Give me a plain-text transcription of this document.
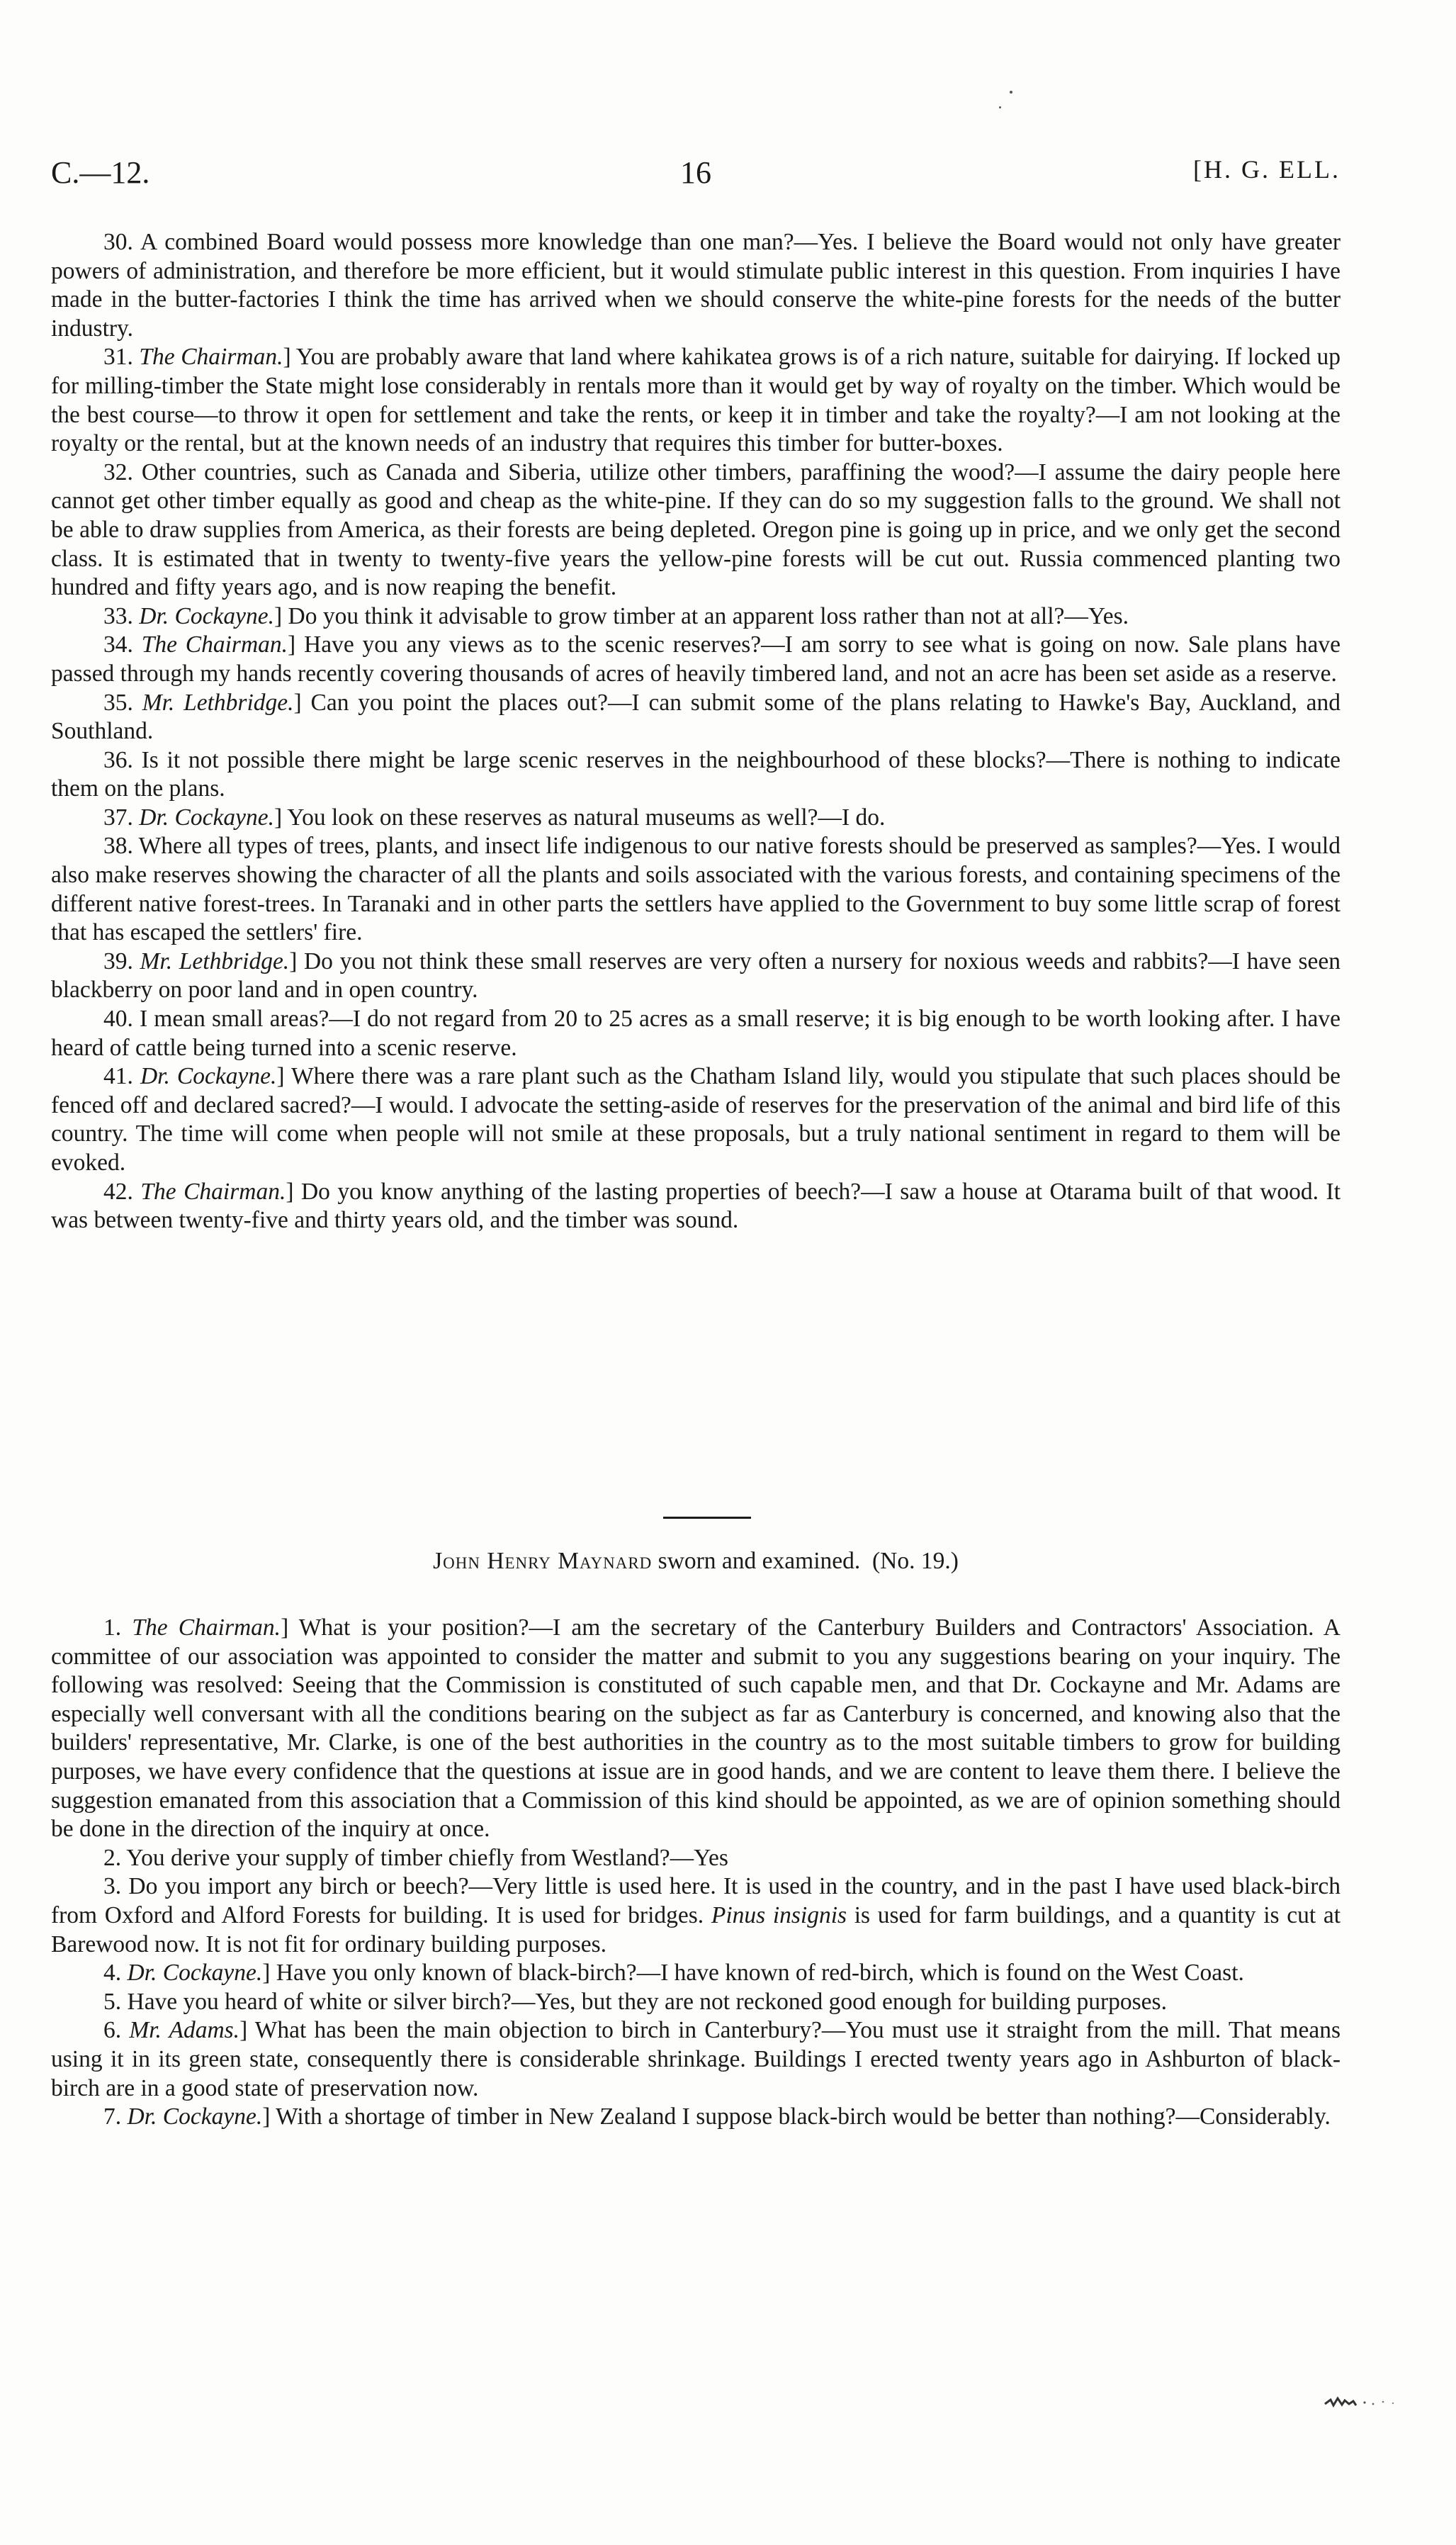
C.—12.	16	[H. G. ELL.

30. A combined Board would possess more knowledge than one man?—Yes. I believe the Board would not only have greater powers of administration, and therefore be more efficient, but it would stimulate public interest in this question. From inquiries I have made in the butter-factories I think the time has arrived when we should conserve the white-pine forests for the needs of the butter industry.

31. The Chairman.] You are probably aware that land where kahikatea grows is of a rich nature, suitable for dairying. If locked up for milling-timber the State might lose considerably in rentals more than it would get by way of royalty on the timber. Which would be the best course—to throw it open for settlement and take the rents, or keep it in timber and take the royalty?—I am not looking at the royalty or the rental, but at the known needs of an industry that requires this timber for butter-boxes.

32. Other countries, such as Canada and Siberia, utilize other timbers, paraffining the wood?—I assume the dairy people here cannot get other timber equally as good and cheap as the white-pine. If they can do so my suggestion falls to the ground. We shall not be able to draw supplies from America, as their forests are being depleted. Oregon pine is going up in price, and we only get the second class. It is estimated that in twenty to twenty-five years the yellow-pine forests will be cut out. Russia commenced planting two hundred and fifty years ago, and is now reaping the benefit.

33. Dr. Cockayne.] Do you think it advisable to grow timber at an apparent loss rather than not at all?—Yes.

34. The Chairman.] Have you any views as to the scenic reserves?—I am sorry to see what is going on now. Sale plans have passed through my hands recently covering thousands of acres of heavily timbered land, and not an acre has been set aside as a reserve.

35. Mr. Lethbridge.] Can you point the places out?—I can submit some of the plans relating to Hawke's Bay, Auckland, and Southland.

36. Is it not possible there might be large scenic reserves in the neighbourhood of these blocks?—There is nothing to indicate them on the plans.

37. Dr. Cockayne.] You look on these reserves as natural museums as well?—I do.

38. Where all types of trees, plants, and insect life indigenous to our native forests should be preserved as samples?—Yes. I would also make reserves showing the character of all the plants and soils associated with the various forests, and containing specimens of the different native forest-trees. In Taranaki and in other parts the settlers have applied to the Government to buy some little scrap of forest that has escaped the settlers' fire.

39. Mr. Lethbridge.] Do you not think these small reserves are very often a nursery for noxious weeds and rabbits?—I have seen blackberry on poor land and in open country.

40. I mean small areas?—I do not regard from 20 to 25 acres as a small reserve; it is big enough to be worth looking after. I have heard of cattle being turned into a scenic reserve.

41. Dr. Cockayne.] Where there was a rare plant such as the Chatham Island lily, would you stipulate that such places should be fenced off and declared sacred?—I would. I advocate the setting-aside of reserves for the preservation of the animal and bird life of this country. The time will come when people will not smile at these proposals, but a truly national sentiment in regard to them will be evoked.

42. The Chairman.] Do you know anything of the lasting properties of beech?—I saw a house at Otarama built of that wood. It was between twenty-five and thirty years old, and the timber was sound.

John Henry Maynard sworn and examined. (No. 19.)

1. The Chairman.] What is your position?—I am the secretary of the Canterbury Builders and Contractors' Association. A committee of our association was appointed to consider the matter and submit to you any suggestions bearing on your inquiry. The following was resolved: Seeing that the Commission is constituted of such capable men, and that Dr. Cockayne and Mr. Adams are especially well conversant with all the conditions bearing on the subject as far as Canterbury is concerned, and knowing also that the builders' representative, Mr. Clarke, is one of the best authorities in the country as to the most suitable timbers to grow for building purposes, we have every confidence that the questions at issue are in good hands, and we are content to leave them there. I believe the suggestion emanated from this association that a Commission of this kind should be appointed, as we are of opinion something should be done in the direction of the inquiry at once.

2. You derive your supply of timber chiefly from Westland?—Yes

3. Do you import any birch or beech?—Very little is used here. It is used in the country, and in the past I have used black-birch from Oxford and Alford Forests for building. It is used for bridges. Pinus insignis is used for farm buildings, and a quantity is cut at Barewood now. It is not fit for ordinary building purposes.

4. Dr. Cockayne.] Have you only known of black-birch?—I have known of red-birch, which is found on the West Coast.

5. Have you heard of white or silver birch?—Yes, but they are not reckoned good enough for building purposes.

6. Mr. Adams.] What has been the main objection to birch in Canterbury?—You must use it straight from the mill. That means using it in its green state, consequently there is considerable shrinkage. Buildings I erected twenty years ago in Ashburton of black-birch are in a good state of preservation now.

7. Dr. Cockayne.] With a shortage of timber in New Zealand I suppose black-birch would be better than nothing?—Considerably.
